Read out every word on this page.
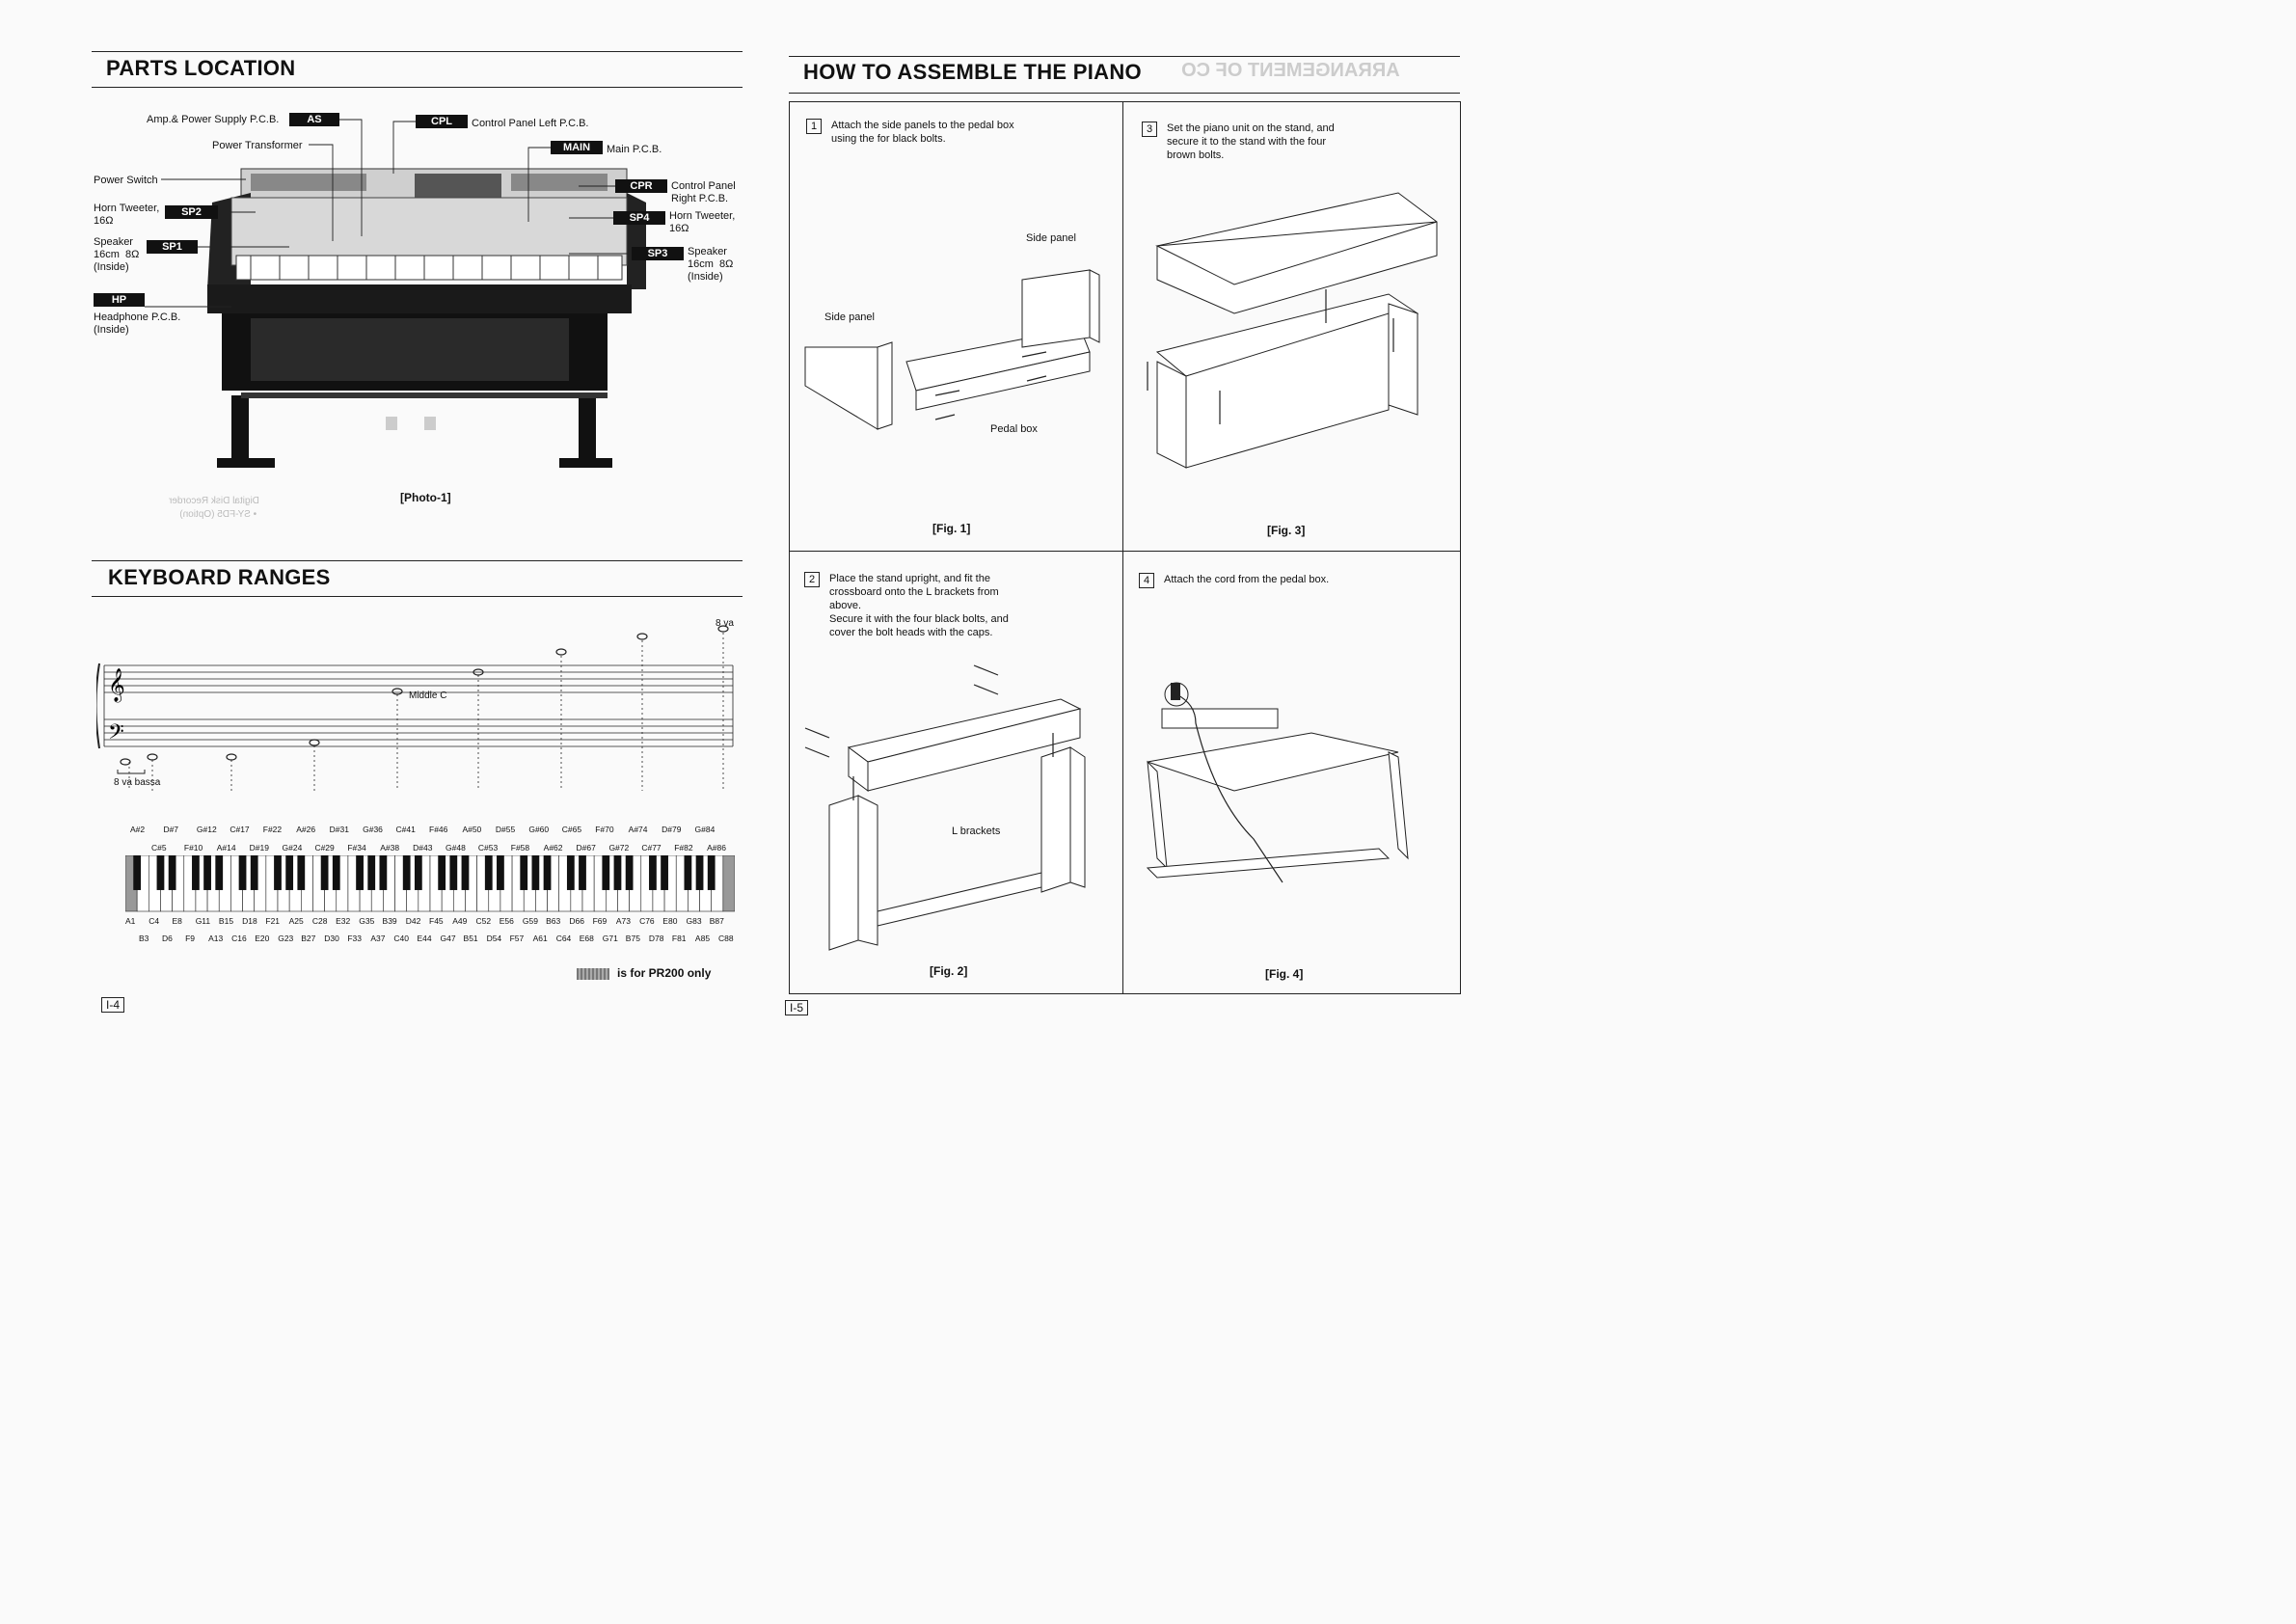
PARTS LOCATION
Amp.& Power Supply P.C.B.	AS
Power Transformer
Power Switch
Horn Tweeter,
16Ω
SP2
Speaker
16cm  8Ω
(Inside)
SP1
HP
Headphone P.C.B.
(Inside)
CPL	Control Panel Left P.C.B.
MAIN	Main P.C.B.
CPR	Control Panel
Right P.C.B.
SP4	Horn Tweeter,
16Ω
SP3	Speaker
16cm  8Ω
(Inside)
[Photo-1]
Digital Disk Recorder
• SY-FD5 (Option)
KEYBOARD RANGES
𝄞
𝄢
Middle C
8 va
8 va bassa
A#2 D#7 G#12 C#17 F#22 A#26 D#31 G#36 C#41 F#46 A#50 D#55 G#60 C#65 F#70 A#74 D#79 G#84
C#5 F#10 A#14 D#19 G#24 C#29 F#34 A#38 D#43 G#48 C#53 F#58 A#62 D#67 G#72 C#77 F#82 A#86
A1 C4 E8 G11 B15 D18 F21 A25 C28 E32 G35 B39 D42 F45 A49 C52 E56 G59 B63 D66 F69 A73 C76 E80 G83 B87
B3 D6 F9 A13 C16 E20 G23 B27 D30 F33 A37 C40 E44 G47 B51 D54 F57 A61 C64 E68 G71 B75 D78 F81 A85 C88
is for PR200 only
I-4
HOW TO ASSEMBLE THE PIANO ARRANGEMENT OF CO
1 Attach the side panels to the pedal box
using the for black bolts.
Side panel
Side panel
Pedal box
[Fig. 1]
3 Set the piano unit on the stand, and
secure it to the stand with the four
brown bolts.
[Fig. 3]
2 Place the stand upright, and fit the
crossboard onto the L brackets from
above.
Secure it with the four black bolts, and
cover the bolt heads with the caps.
L brackets
[Fig. 2]
4 Attach the cord from the pedal box.
[Fig. 4]
I-5
